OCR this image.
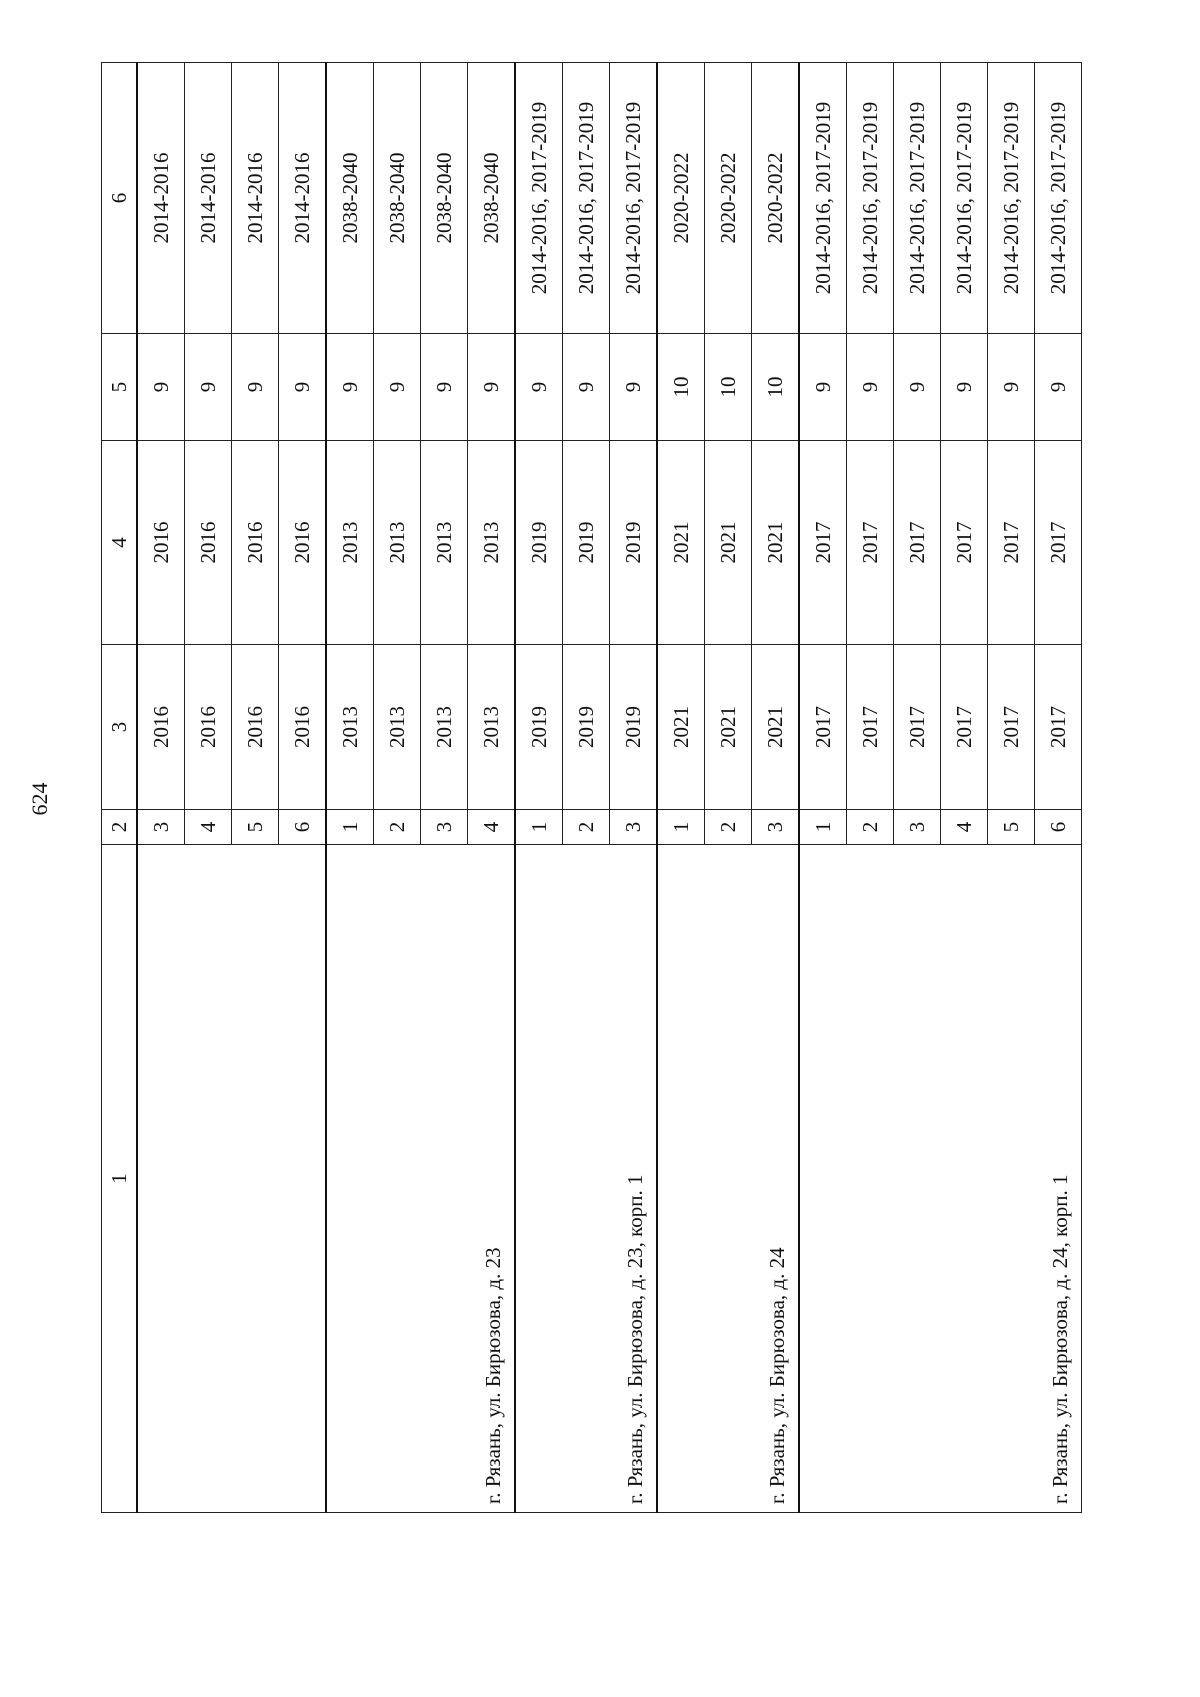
624
1	2	3	4	5	6
	3	2016	2016	9	2014-2016
	4	2016	2016	9	2014-2016
	5	2016	2016	9	2014-2016
	6	2016	2016	9	2014-2016
г. Рязань, ул. Бирюзова, д. 23	1	2013	2013	9	2038-2040
	2	2013	2013	9	2038-2040
	3	2013	2013	9	2038-2040
	4	2013	2013	9	2038-2040
г. Рязань, ул. Бирюзова, д. 23, корп. 1	1	2019	2019	9	2014-2016, 2017-2019
	2	2019	2019	9	2014-2016, 2017-2019
	3	2019	2019	9	2014-2016, 2017-2019
г. Рязань, ул. Бирюзова, д. 24	1	2021	2021	10	2020-2022
	2	2021	2021	10	2020-2022
	3	2021	2021	10	2020-2022
г. Рязань, ул. Бирюзова, д. 24, корп. 1	1	2017	2017	9	2014-2016, 2017-2019
	2	2017	2017	9	2014-2016, 2017-2019
	3	2017	2017	9	2014-2016, 2017-2019
	4	2017	2017	9	2014-2016, 2017-2019
	5	2017	2017	9	2014-2016, 2017-2019
	6	2017	2017	9	2014-2016, 2017-2019
